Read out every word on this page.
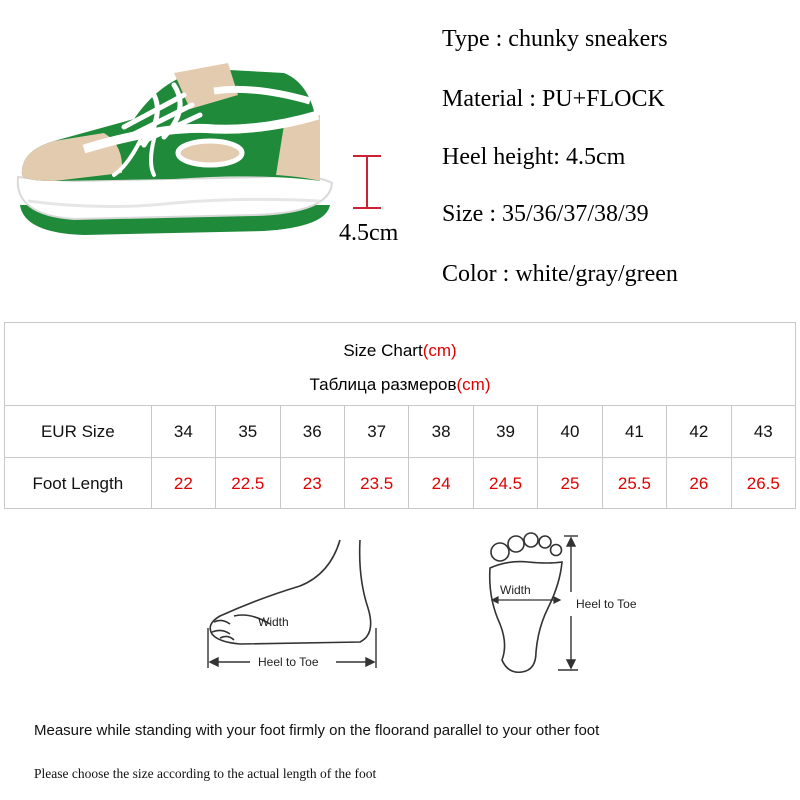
4.5cm
Type : chunky sneakers
Material : PU+FLOCK
Heel height: 4.5cm
Size : 35/36/37/38/39
Color : white/gray/green
Size Chart(cm)
Таблица размеров(cm)
EUR Size	34	35	36	37	38	39	40	41	42	43
Foot Length	22	22.5	23	23.5	24	24.5	25	25.5	26	26.5
Width
Heel to Toe
Width
Heel to Toe
Measure while standing with your foot firmly on the floorand parallel to your other foot
Please choose the size according to the actual length of the foot
